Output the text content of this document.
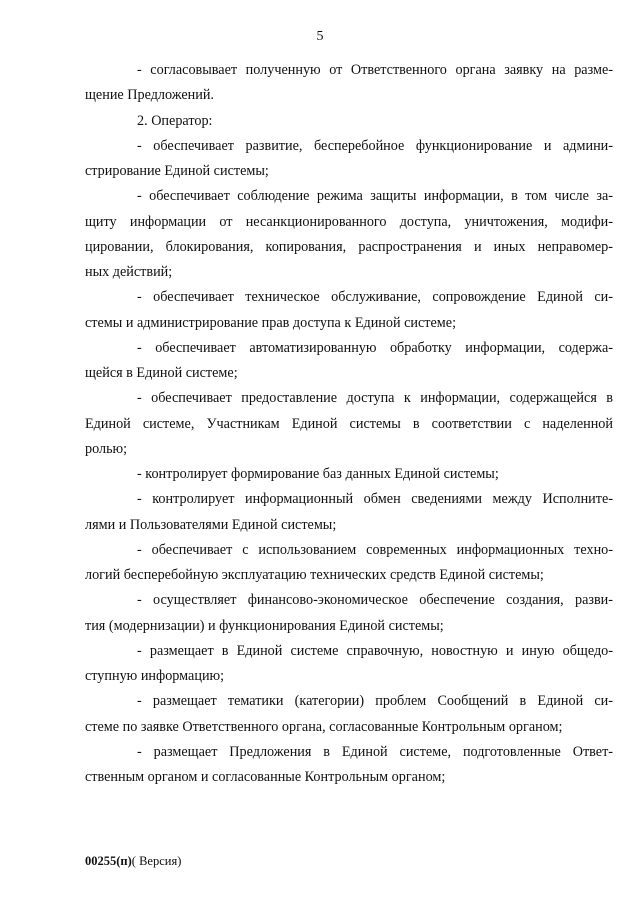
5
- согласовывает полученную от Ответственного органа заявку на разме-
щение Предложений.
2. Оператор:
- обеспечивает развитие, бесперебойное функционирование и админи-
стрирование Единой системы;
- обеспечивает соблюдение режима защиты информации, в том числе за-
щиту информации от несанкционированного доступа, уничтожения, модифи-
цировании, блокирования, копирования, распространения и иных неправомер-
ных действий;
- обеспечивает техническое обслуживание, сопровождение Единой си-
стемы и администрирование прав доступа к Единой системе;
- обеспечивает автоматизированную обработку информации, содержа-
щейся в Единой системе;
- обеспечивает предоставление доступа к информации, содержащейся в
Единой системе, Участникам Единой системы в соответствии с наделенной
ролью;
- контролирует формирование баз данных Единой системы;
- контролирует информационный обмен сведениями между Исполните-
лями и Пользователями Единой системы;
- обеспечивает с использованием современных информационных техно-
логий бесперебойную эксплуатацию технических средств Единой системы;
- осуществляет финансово-экономическое обеспечение создания, разви-
тия (модернизации) и функционирования Единой системы;
- размещает в Единой системе справочную, новостную и иную общедо-
ступную информацию;
- размещает тематики (категории) проблем Сообщений в Единой си-
стеме по заявке Ответственного органа, согласованные Контрольным органом;
- размещает Предложения в Единой системе, подготовленные Ответ-
ственным органом и согласованные Контрольным органом;
00255(п)( Версия)
